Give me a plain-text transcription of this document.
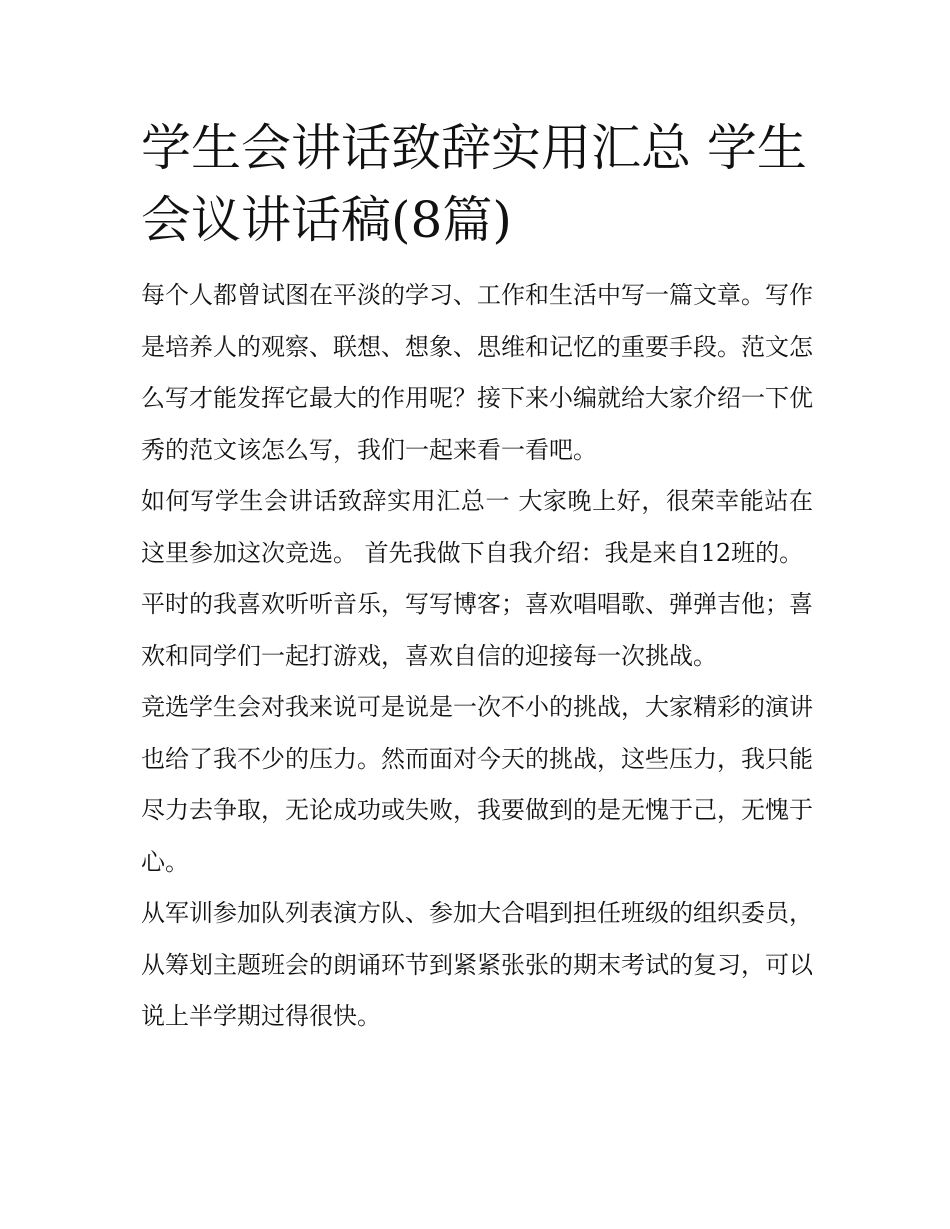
学生会讲话致辞实用汇总 学生会议讲话稿(8篇)

每个人都曾试图在平淡的学习、工作和生活中写一篇文章。写作是培养人的观察、联想、想象、思维和记忆的重要手段。范文怎么写才能发挥它最大的作用呢？接下来小编就给大家介绍一下优秀的范文该怎么写，我们一起来看一看吧。

如何写学生会讲话致辞实用汇总一 大家晚上好，很荣幸能站在这里参加这次竞选。 首先我做下自我介绍：我是来自12班的。

平时的我喜欢听听音乐，写写博客；喜欢唱唱歌、弹弹吉他；喜欢和同学们一起打游戏，喜欢自信的迎接每一次挑战。

竞选学生会对我来说可是说是一次不小的挑战，大家精彩的演讲也给了我不少的压力。然而面对今天的挑战，这些压力，我只能尽力去争取，无论成功或失败，我要做到的是无愧于己，无愧于心。

从军训参加队列表演方队、参加大合唱到担任班级的组织委员，从筹划主题班会的朗诵环节到紧紧张张的期末考试的复习，可以说上半学期过得很快。
